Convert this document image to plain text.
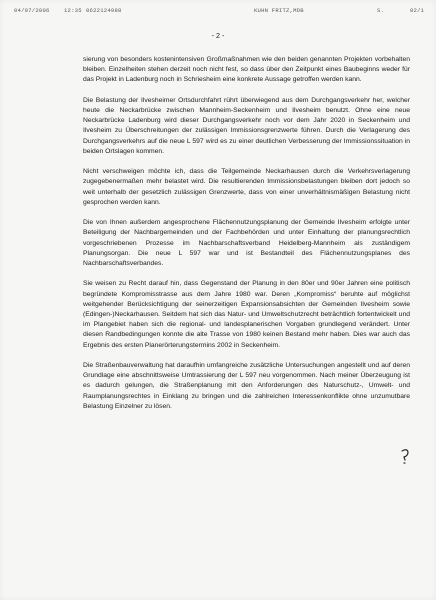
04/07/2006	12:35 0622124988	KUHN FRITZ,MDB	S.	02/1
- 2 -

sierung von besonders kostenintensiven Großmaßnahmen wie den beiden genannten Projekten vorbehalten bleiben. Einzelheiten stehen derzeit noch nicht fest, so dass über den Zeitpunkt eines Baubeginns weder für das Projekt in Ladenburg noch in Schriesheim eine konkrete Aussage getroffen werden kann.

Die Belastung der Ilvesheimer Ortsdurchfahrt rührt überwiegend aus dem Durchgangsverkehr her, welcher heute die Neckarbrücke zwischen Mannheim-Seckenheim und Ilvesheim benutzt. Ohne eine neue Neckarbrücke Ladenburg wird dieser Durchgangsverkehr noch vor dem Jahr 2020 in Seckenheim und Ilvesheim zu Überschreitungen der zulässigen Immissionsgrenzwerte führen. Durch die Verlagerung des Durchgangsverkehrs auf die neue L 597 wird es zu einer deutlichen Verbesserung der Immissionssituation in beiden Ortslagen kommen.

Nicht verschweigen möchte ich, dass die Teilgemeinde Neckarhausen durch die Verkehrsverlagerung zugegebenermaßen mehr belastet wird. Die resultierenden Immissionsbelastungen bleiben dort jedoch so weit unterhalb der gesetzlich zulässigen Grenzwerte, dass von einer unverhältnismäßigen Belastung nicht gesprochen werden kann.

Die von Ihnen außerdem angesprochene Flächennutzungsplanung der Gemeinde Ilvesheim erfolgte unter Beteiligung der Nachbargemeinden und der Fachbehörden und unter Einhaltung der planungsrechtlich vorgeschriebenen Prozesse im Nachbarschaftsverband Heidelberg-Mannheim als zuständigem Planungsorgan. Die neue L 597 war und ist Bestandteil des Flächennutzungsplanes des Nachbarschaftsverbandes.

Sie weisen zu Recht darauf hin, dass Gegenstand der Planung in den 80er und 90er Jahren eine politisch begründete Kompromisstrasse aus dem Jahre 1980 war. Deren „Kompromiss“ beruhte auf möglichst weitgehender Berücksichtigung der seinerzeitigen Expansionsabsichten der Gemeinden Ilvesheim sowie (Edingen-)Neckarhausen. Seitdem hat sich das Natur- und Umweltschutzrecht beträchtlich fortentwickelt und im Plangebiet haben sich die regional- und landesplanerischen Vorgaben grundlegend verändert. Unter diesen Randbedingungen konnte die alte Trasse von 1980 keinen Bestand mehr haben. Dies war auch das Ergebnis des ersten Planerörterungstermins 2002 in Seckenheim.

Die Straßenbauverwaltung hat daraufhin umfangreiche zusätzliche Untersuchungen angestellt und auf deren Grundlage eine abschnittsweise Umtrassierung der L 597 neu vorgenommen. Nach meiner Überzeugung ist es dadurch gelungen, die Straßenplanung mit den Anforderungen des Naturschutz-, Umwelt- und Raumplanungsrechtes in Einklang zu bringen und die zahlreichen Interessenkonflikte ohne unzumutbare Belastung Einzelner zu lösen.
